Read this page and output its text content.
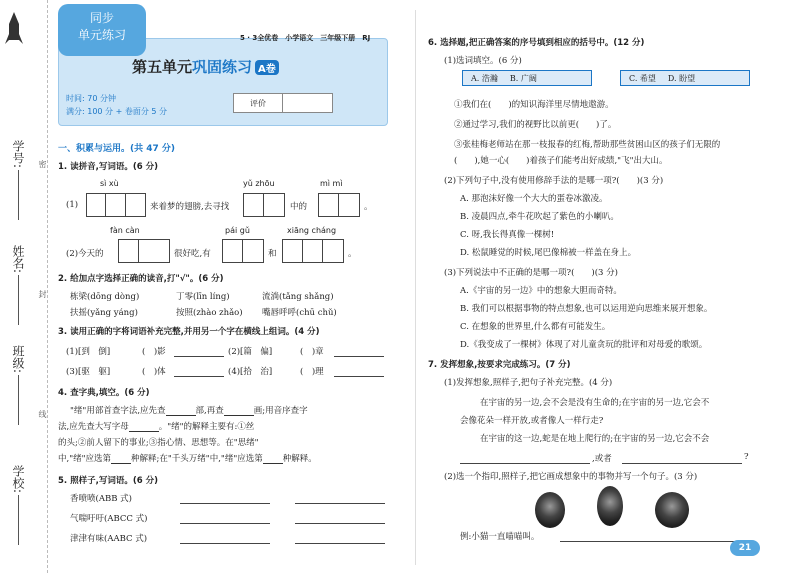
学号:
姓名:
班级:
学校:
密
封
线
同步
单元练习	5 · 3全优卷　小学语文　三年级下册　RJ
第五单元巩固练习 A卷
时间: 70 分钟
满分: 100 分 + 卷面分 5 分
评价
一、积累与运用。(共 47 分)
1. 读拼音,写词语。(6 分)
sì xù	yǔ zhōu	mì mì
(1)	来着梦的翅膀,去寻找	中的	。
fàn càn	pái gǔ	xiāng cháng
(2)今天的	很好吃,有	和	。
2. 给加点字选择正确的读音,打"√"。(6 分)
栋梁(dōng dòng)	丁零(līn líng)	流淌(tǎng shǎng)
扶摇(yǎng yáng)	按照(zhào zhǎo) 嘴唇呼呼(chū chǔ)
3. 读用正确的字将词语补充完整,并用另一个字在横线上组词。(4 分)
(1)[到　倒]	(　)影	(2)[篇　偏]	(　)章
(3)[驱　躯]	(　)体	(4)[拾　治]	(　)理
4. 查字典,填空。(6 分)
"绪"用部首查字法,应先查	部,再查	画;用音序查字
法,应先查大写字母	。"绪"的解释主要有:①丝
的头;②前人留下的事业;③指心情、思想等。在"思绪"
中,"绪"应选第 种解释;在"千头万绪"中,"绪"应选第 种解释。
5. 照样子,写词语。(6 分)
香喷喷(ABB 式)
气喘吁吁(ABCC 式)
津津有味(AABC 式)
6. 选择题,把正确答案的序号填到相应的括号中。(12 分)
(1)选词填空。(6 分)
A. 浩瀚 B. 广阔	C. 希望 D. 盼望
①我们在(　　)的知识海洋里尽情地遨游。
②通过学习,我们的视野比以前更(　　)了。
③张桂梅老师站在那一枝报春的红梅,帮助那些贫困山区的孩子们无限的
(　　),她一心(　　)着孩子们能考出好成绩,"飞"出大山。
(2)下列句子中,没有使用修辞手法的是哪一项?(　　)(3 分)
A. 那泡沫好像一个大大的蛋卷冰激凌。
B. 凌晨四点,牵牛花吹起了紫色的小喇叭。
C. 呀,我长得真像一棵树!
D. 松鼠睡觉的时候,尾巴像棉被一样盖在身上。
(3)下列说法中不正确的是哪一项?(　　)(3 分)
A.《宇宙的另一边》中的想象大胆而奇特。
B. 我们可以根据事物的特点想象,也可以运用逆向思维来展开想象。
C. 在想象的世界里,什么都有可能发生。
D.《我变成了一棵树》体现了对儿童贪玩的批评和对母爱的歌颂。
7. 发挥想象,按要求完成练习。(7 分)
(1)发挥想象,照样子,把句子补充完整。(4 分)
在宇宙的另一边,会不会是没有生命的;在宇宙的另一边,它会不
会像花朵一样开放,或者像人一样行走?
在宇宙的这一边,蛇是在地上爬行的;在宇宙的另一边,它会不会
,或者	?
(2)选一个指印,照样子,把它画成想象中的事物并写一个句子。(3 分)
例:小猫一直喵喵叫。
21
